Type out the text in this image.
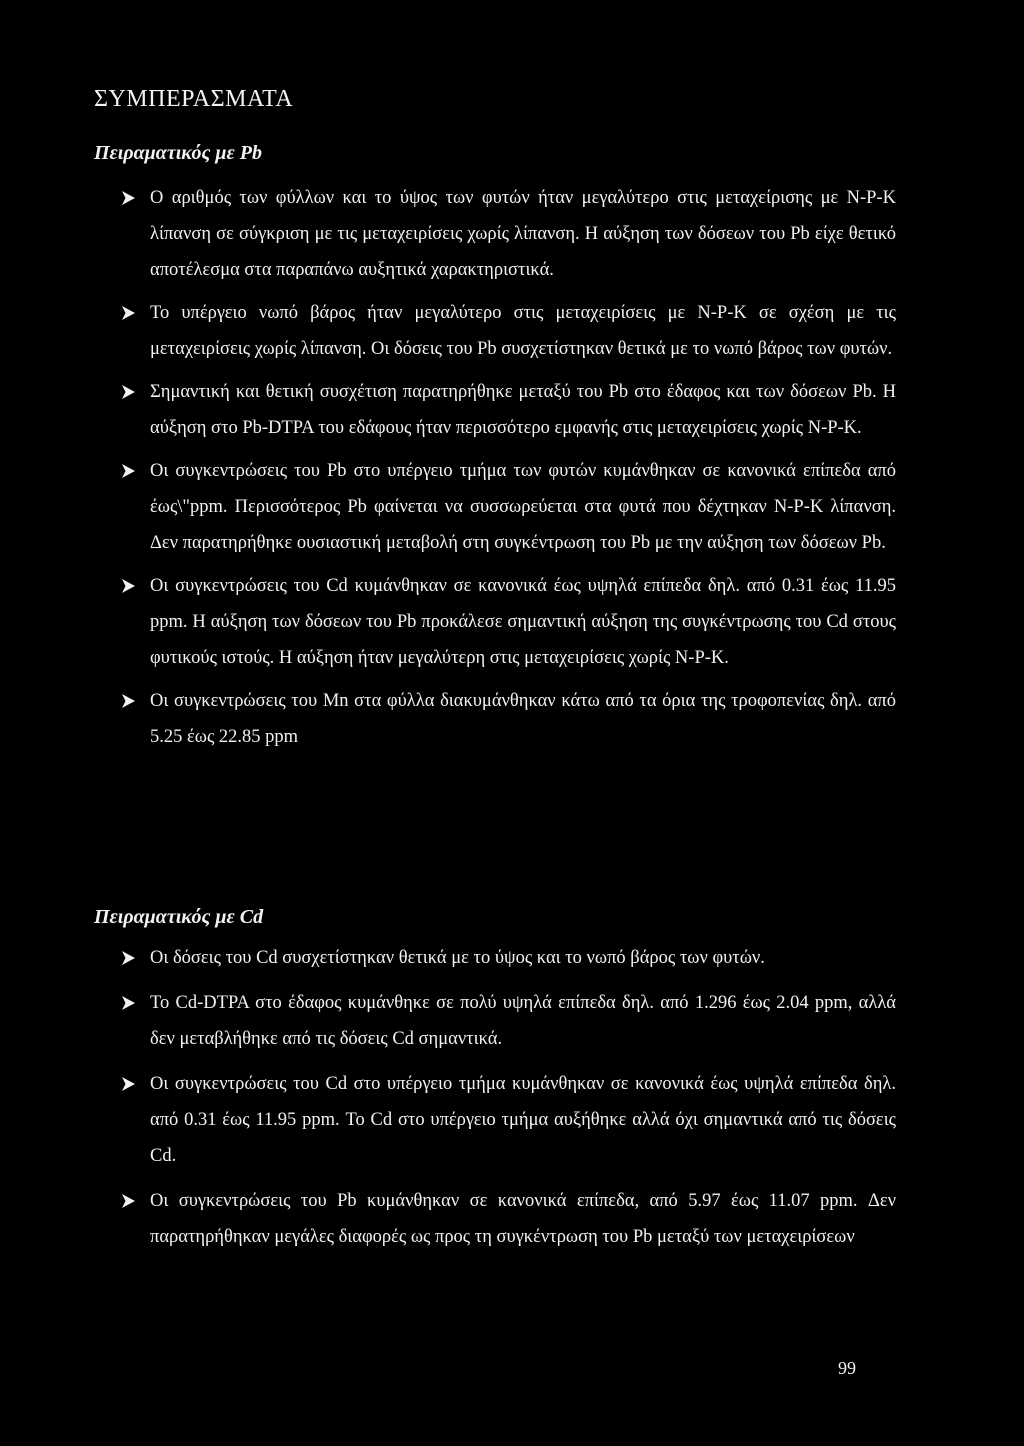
ΣΥΜΠΕΡΑΣΜΑΤΑ
Πειραματικός με Pb
Ο αριθμός των φύλλων και το ύψος των φυτών ήταν μεγαλύτερο στις μεταχείρισης με N-P-K λίπανση σε σύγκριση με τις μεταχειρίσεις χωρίς λίπανση. Η αύξηση των δόσεων του Pb είχε θετικό αποτέλεσμα στα παραπάνω αυξητικά χαρακτηριστικά.
Το υπέργειο νωπό βάρος ήταν μεγαλύτερο στις μεταχειρίσεις με N-P-K σε σχέση με τις μεταχειρίσεις χωρίς λίπανση. Οι δόσεις του Pb συσχετίστηκαν θετικά με το νωπό βάρος των φυτών.
Σημαντική και θετική συσχέτιση παρατηρήθηκε μεταξύ του Pb στο έδαφος και των δόσεων Pb. Η αύξηση στο Pb-DTPA του εδάφους ήταν περισσότερο εμφανής στις μεταχειρίσεις χωρίς N-P-K.
Οι συγκεντρώσεις του Pb στο υπέργειο τμήμα των φυτών κυμάνθηκαν σε κανονικά επίπεδα από έως\"ppm. Περισσότερος Pb φαίνεται να συσσωρεύεται στα φυτά που δέχτηκαν N-P-K λίπανση. Δεν παρατηρήθηκε ουσιαστική μεταβολή στη συγκέντρωση του Pb με την αύξηση των δόσεων Pb.
Οι συγκεντρώσεις του Cd κυμάνθηκαν σε κανονικά έως υψηλά επίπεδα δηλ. από 0.31 έως 11.95 ppm. Η αύξηση των δόσεων του Pb προκάλεσε σημαντική αύξηση της συγκέντρωσης του Cd στους φυτικούς ιστούς. Η αύξηση ήταν μεγαλύτερη στις μεταχειρίσεις χωρίς N-P-K.
Οι συγκεντρώσεις του Mn στα φύλλα διακυμάνθηκαν κάτω από τα όρια της τροφοπενίας δηλ. από 5.25 έως 22.85 ppm
Πειραματικός με Cd
Οι δόσεις του Cd συσχετίστηκαν θετικά με το ύψος και το νωπό βάρος των φυτών.
Το Cd-DTPA στο έδαφος κυμάνθηκε σε πολύ υψηλά επίπεδα δηλ. από 1.296 έως 2.04 ppm, αλλά δεν μεταβλήθηκε από τις δόσεις Cd σημαντικά.
Οι συγκεντρώσεις του Cd στο υπέργειο τμήμα κυμάνθηκαν σε κανονικά έως υψηλά επίπεδα δηλ. από 0.31 έως 11.95 ppm. Το Cd στο υπέργειο τμήμα αυξήθηκε αλλά όχι σημαντικά από τις δόσεις Cd.
Οι συγκεντρώσεις του Pb κυμάνθηκαν σε κανονικά επίπεδα, από 5.97 έως 11.07 ppm. Δεν παρατηρήθηκαν μεγάλες διαφορές ως προς τη συγκέντρωση του Pb μεταξύ των μεταχειρίσεων
99
